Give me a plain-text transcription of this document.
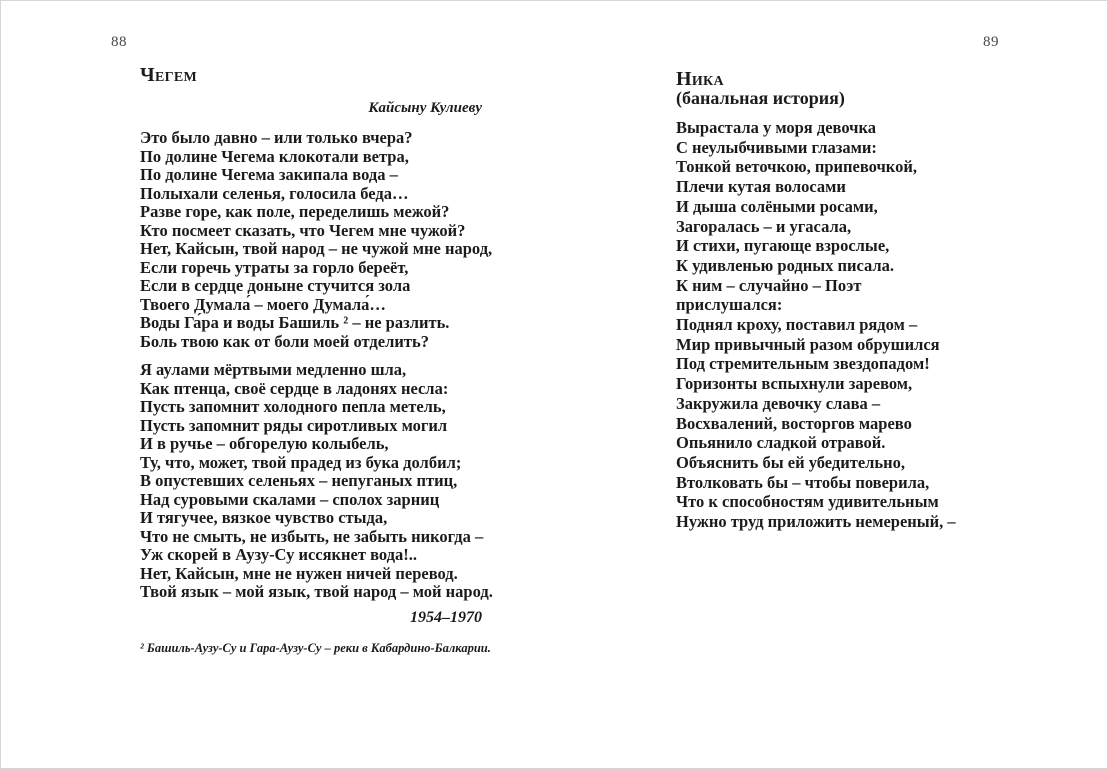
88
Чегем
Кайсыну Кулиеву
Это было давно – или только вчера?
По долине Чегема клокотали ветра,
По долине Чегема закипала вода –
Полыхали селенья, голосила беда…
Разве горе, как поле, переделишь межой?
Кто посмеет сказать, что Чегем мне чужой?
Нет, Кайсын, твой народ – не чужой мне народ,
Если горечь утраты за горло береёт,
Если в сердце доныне стучится зола
Твоего Думала́ – моего Думала́…
Воды Га́ра и воды Башиль ² – не разлить.
Боль твою как от боли моей отделить?
Я аулами мёртвыми медленно шла,
Как птенца, своё сердце в ладонях несла:
Пусть запомнит холодного пепла метель,
Пусть запомнит ряды сиротливых могил
И в ручье – обгорелую колыбель,
Ту, что, может, твой прадед из бука долбил;
В опустевших селеньях – непуганых птиц,
Над суровыми скалами – сполох зарниц
И тягучее, вязкое чувство стыда,
Что не смыть, не избыть, не забыть никогда –
Уж скорей в Аузу-Су иссякнет вода!..
Нет, Кайсын, мне не нужен ничей перевод.
Твой язык – мой язык, твой народ – мой народ.
1954–1970
² Башиль-Аузу-Су и Гара-Аузу-Су – реки в Кабардино-Балкарии.
89
Ника
(банальная история)
Вырастала у моря девочка
С неулыбчивыми глазами:
Тонкой веточкою, припевочкой,
Плечи кутая волосами
И дыша солёными росами,
Загоралась – и угасала,
И стихи, пугающе взрослые,
К удивленью родных писала.
К ним – случайно – Поэт
прислушался:
Поднял кроху, поставил рядом –
Мир привычный разом обрушился
Под стремительным звездопадом!
Горизонты вспыхнули заревом,
Закружила девочку слава –
Восхвалений, восторгов марево
Опьянило сладкой отравой.
Объяснить бы ей убедительно,
Втолковать бы – чтобы поверила,
Что к способностям удивительным
Нужно труд приложить немереный, –
